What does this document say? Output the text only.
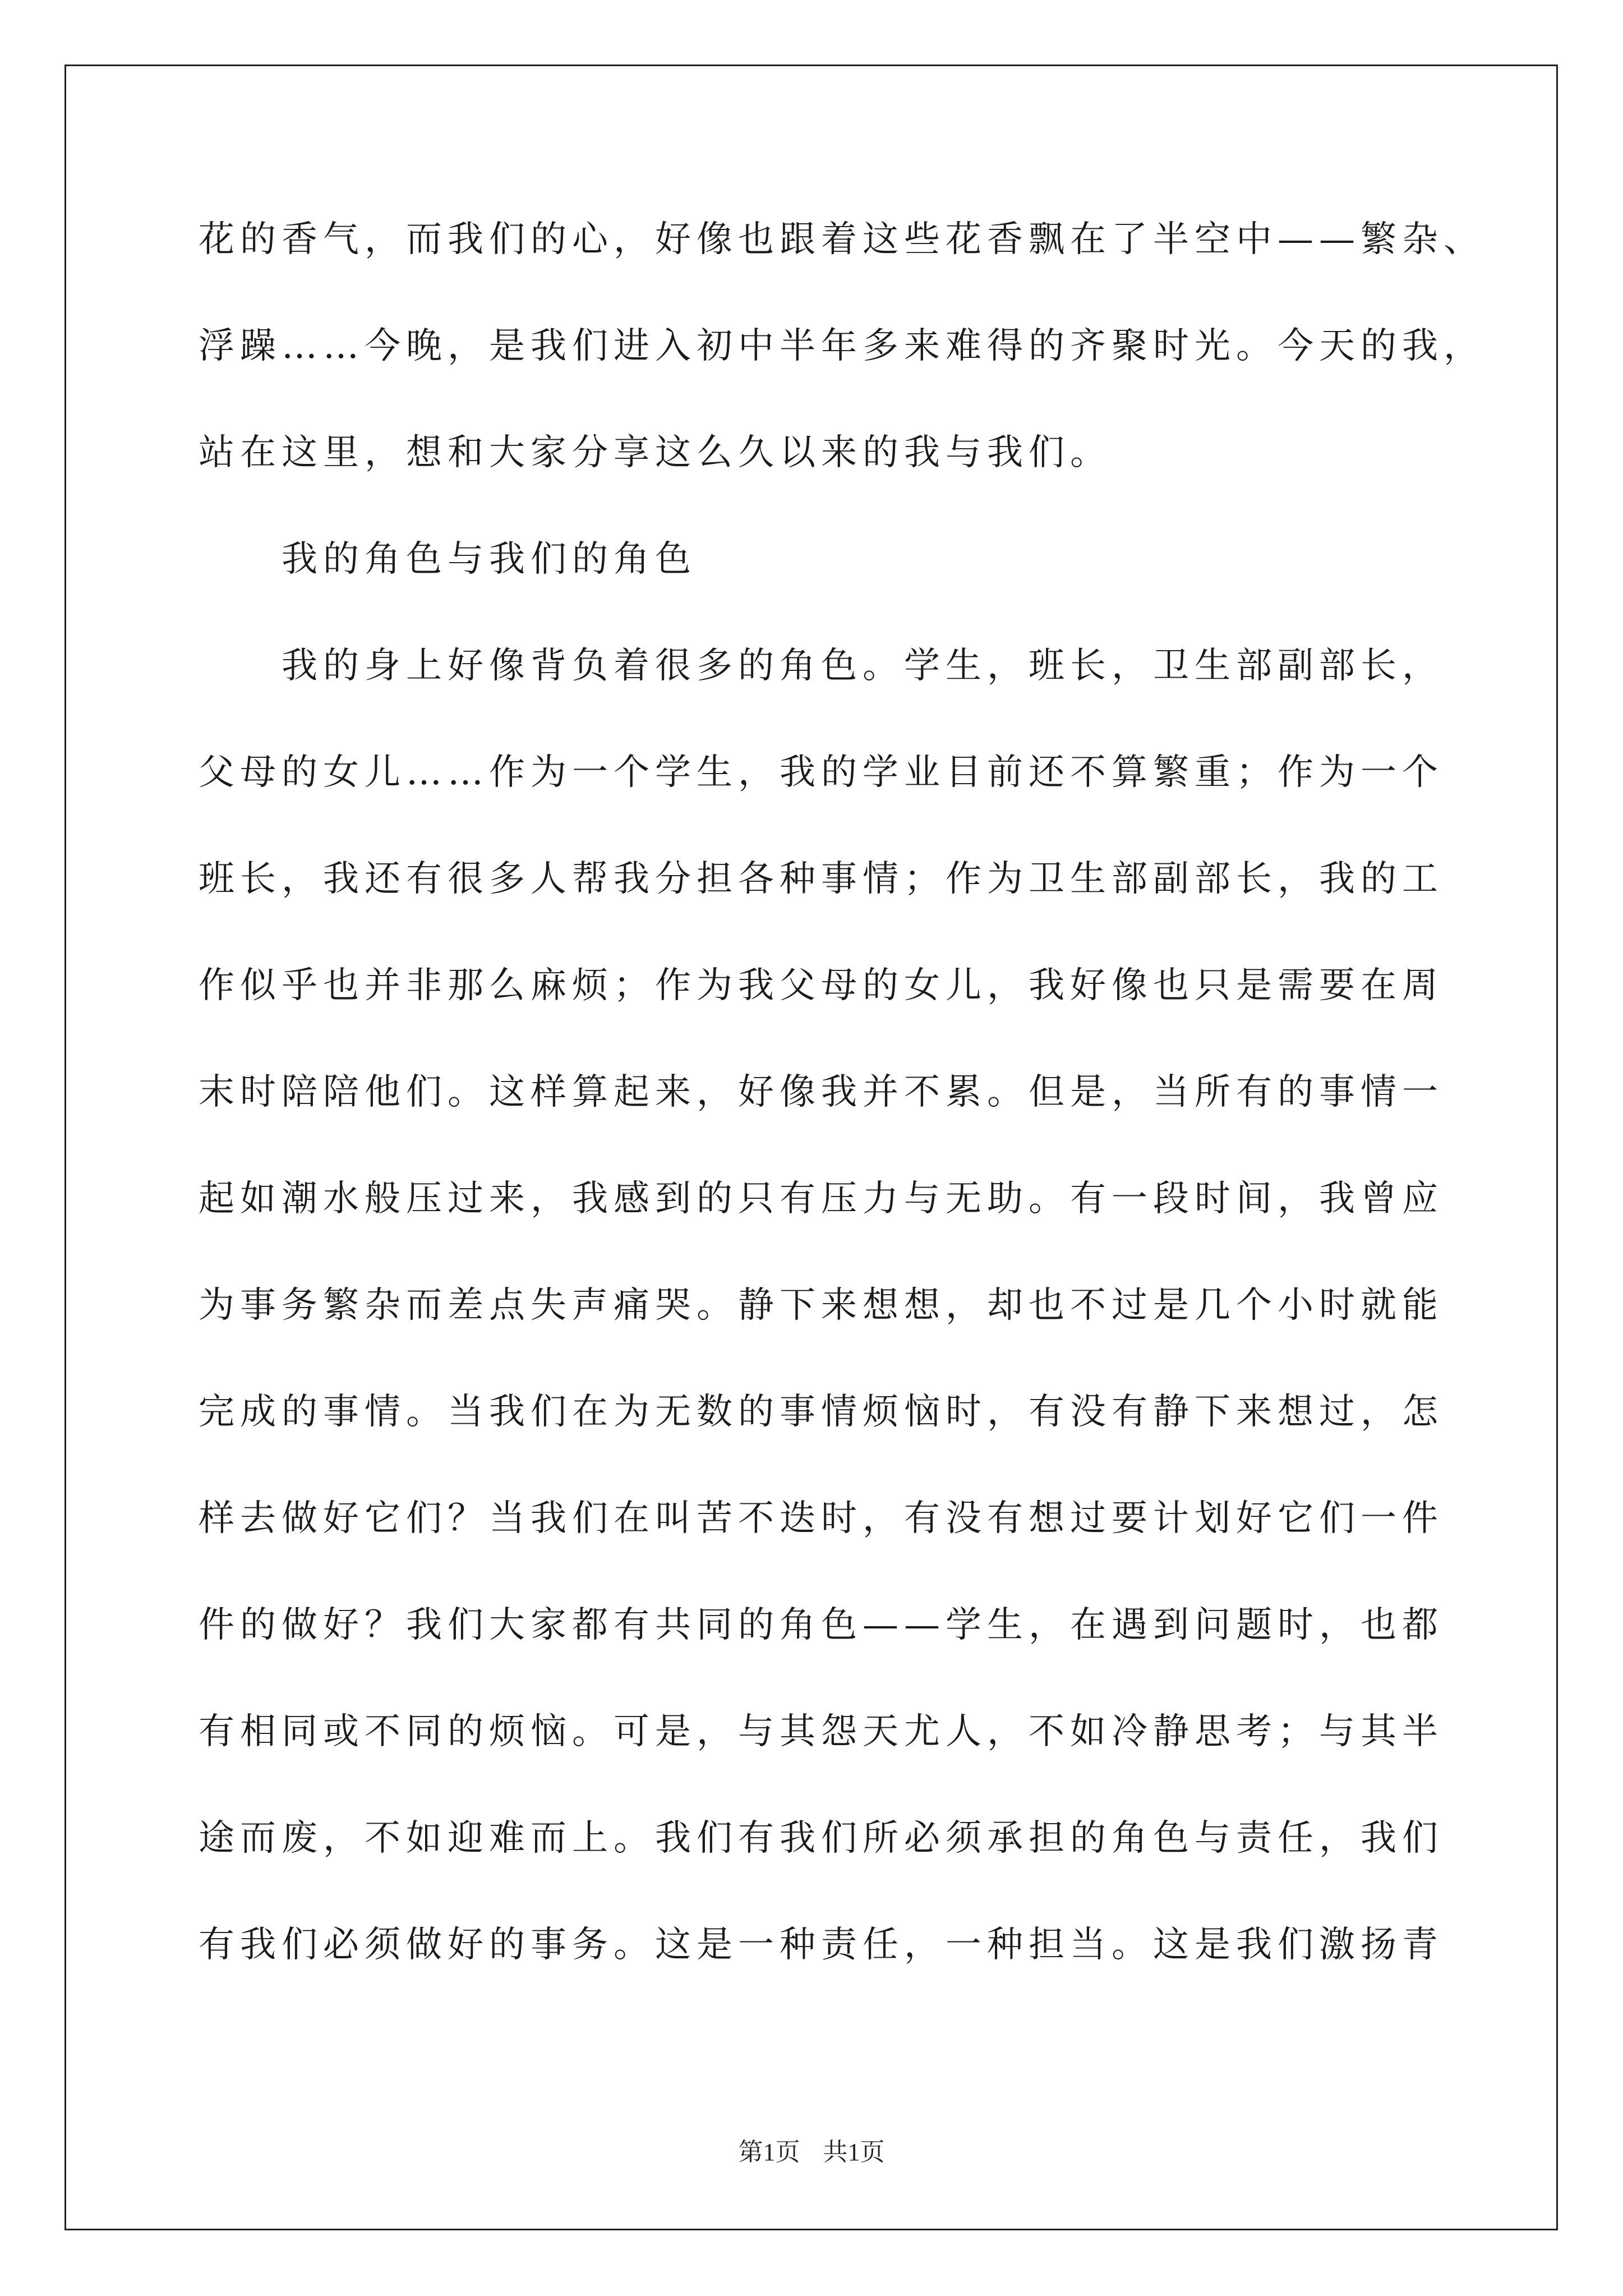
花的香气，而我们的心，好像也跟着这些花香飘在了半空中——繁杂、
浮躁……今晚，是我们进入初中半年多来难得的齐聚时光。今天的我，
站在这里，想和大家分享这么久以来的我与我们。
我的角色与我们的角色
我的身上好像背负着很多的角色。学生，班长，卫生部副部长，
父母的女儿……作为一个学生，我的学业目前还不算繁重；作为一个
班长，我还有很多人帮我分担各种事情；作为卫生部副部长，我的工
作似乎也并非那么麻烦；作为我父母的女儿，我好像也只是需要在周
末时陪陪他们。这样算起来，好像我并不累。但是，当所有的事情一
起如潮水般压过来，我感到的只有压力与无助。有一段时间，我曾应
为事务繁杂而差点失声痛哭。静下来想想，却也不过是几个小时就能
完成的事情。当我们在为无数的事情烦恼时，有没有静下来想过，怎
样去做好它们？当我们在叫苦不迭时，有没有想过要计划好它们一件
件的做好？我们大家都有共同的角色——学生，在遇到问题时，也都
有相同或不同的烦恼。可是，与其怨天尤人，不如冷静思考；与其半
途而废，不如迎难而上。我们有我们所必须承担的角色与责任，我们
有我们必须做好的事务。这是一种责任，一种担当。这是我们激扬青
第1页 共1页
